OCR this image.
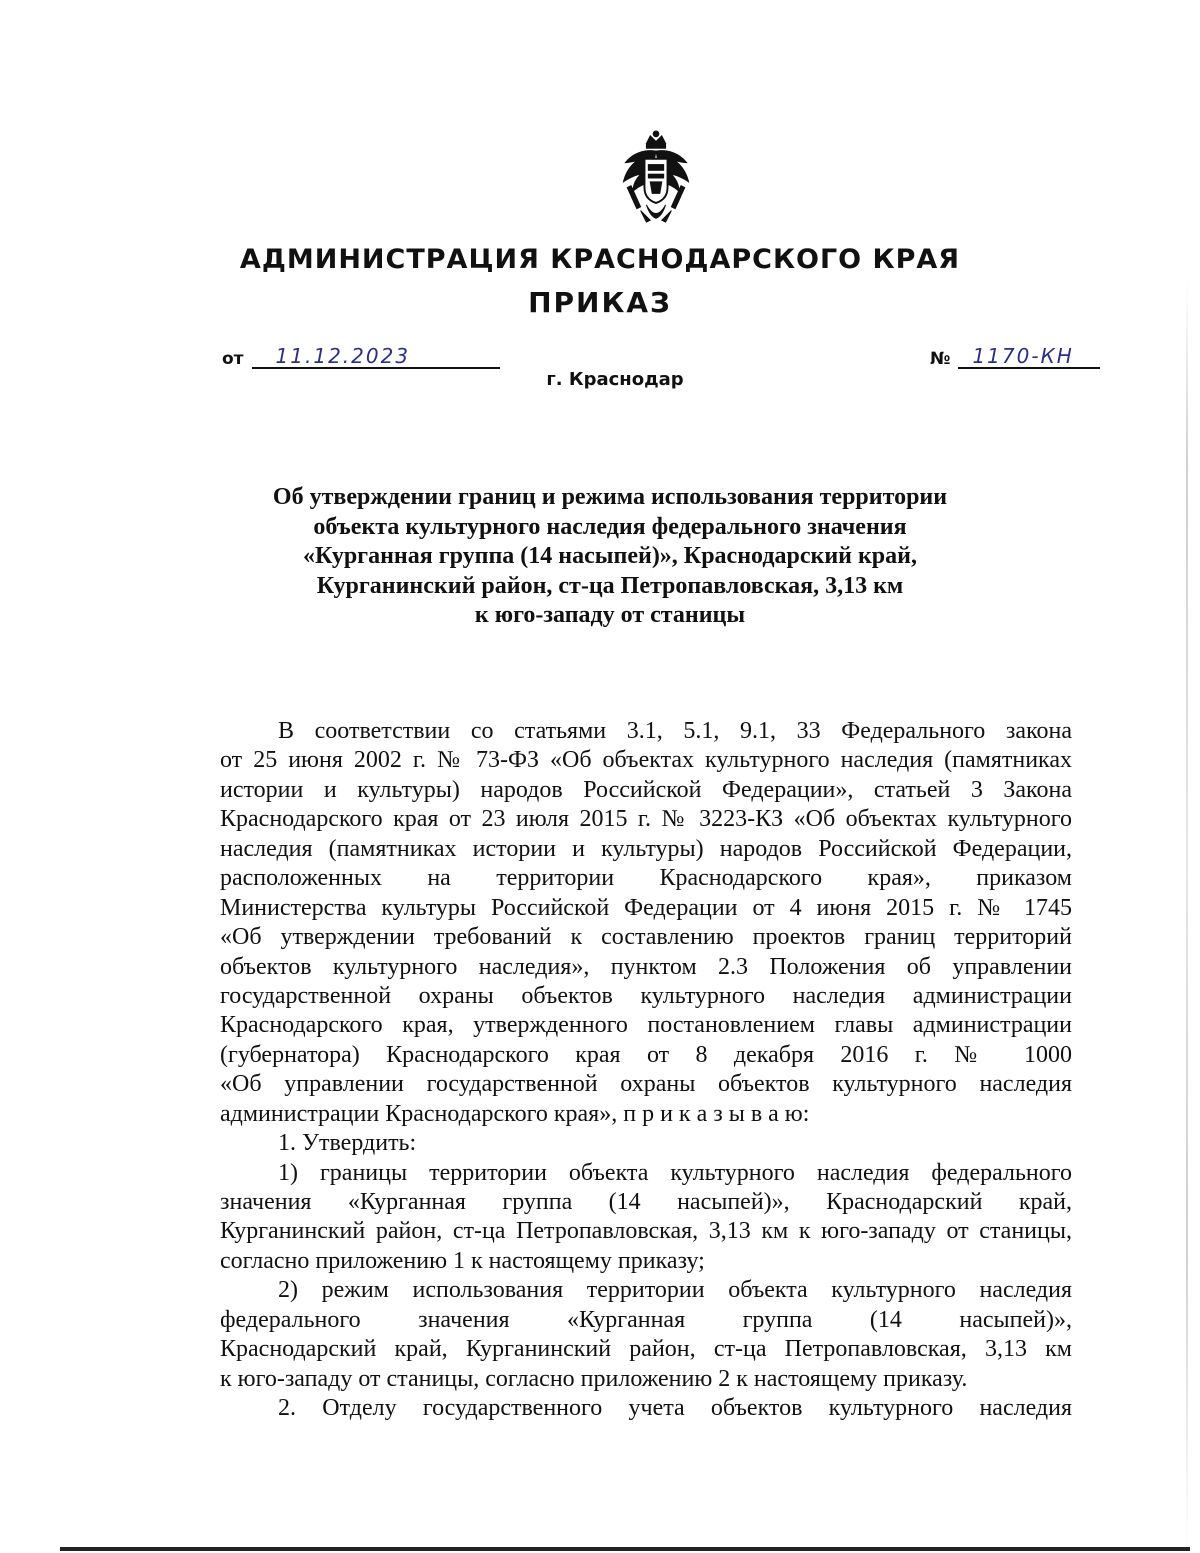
АДМИНИСТРАЦИЯ КРАСНОДАРСКОГО КРАЯ
ПРИКАЗ
от	11.12.2023	№	1170-КН
г. Краснодар
Об утверждении границ и режима использования территории
объекта культурного наследия федерального значения
«Курганная группа (14 насыпей)», Краснодарский край,
Курганинский район, ст-ца Петропавловская, 3,13 км
к юго-западу от станицы
В соответствии со статьями 3.1, 5.1, 9.1, 33 Федерального закона
от 25 июня 2002 г. № 73-ФЗ «Об объектах культурного наследия (памятниках
истории и культуры) народов Российской Федерации», статьей 3 Закона
Краснодарского края от 23 июля 2015 г. № 3223-КЗ «Об объектах культурного
наследия (памятниках истории и культуры) народов Российской Федерации,
расположенных на территории Краснодарского края», приказом
Министерства культуры Российской Федерации от 4 июня 2015 г. № 1745
«Об утверждении требований к составлению проектов границ территорий
объектов культурного наследия», пунктом 2.3 Положения об управлении
государственной охраны объектов культурного наследия администрации
Краснодарского края, утвержденного постановлением главы администрации
(губернатора) Краснодарского края от 8 декабря 2016 г. № 1000
«Об управлении государственной охраны объектов культурного наследия
администрации Краснодарского края», п р и к а з ы в а ю:
1. Утвердить:
1) границы территории объекта культурного наследия федерального
значения «Курганная группа (14 насыпей)», Краснодарский край,
Курганинский район, ст-ца Петропавловская, 3,13 км к юго-западу от станицы,
согласно приложению 1 к настоящему приказу;
2) режим использования территории объекта культурного наследия
федерального значения «Курганная группа (14 насыпей)»,
Краснодарский край, Курганинский район, ст-ца Петропавловская, 3,13 км
к юго-западу от станицы, согласно приложению 2 к настоящему приказу.
2. Отделу государственного учета объектов культурного наследия
